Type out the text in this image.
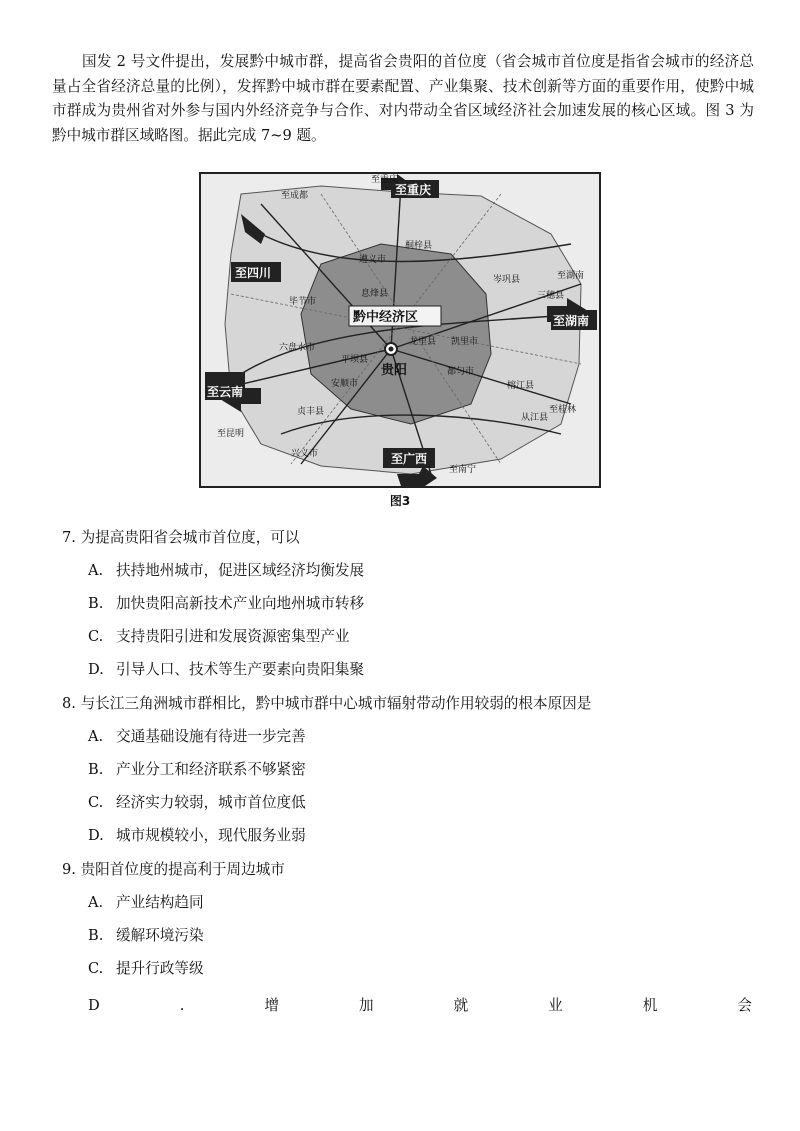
国发 2 号文件提出，发展黔中城市群，提高省会贵阳的首位度（省会城市首位度是指省会城市的经济总量占全省经济总量的比例），发挥黔中城市群在要素配置、产业集聚、技术创新等方面的重要作用，使黔中城市群成为贵州省对外参与国内外经济竞争与合作、对内带动全省区域经济社会加速发展的核心区域。图 3 为黔中城市群区域略图。据此完成 7~9 题。

至成都
至重庆
至重庆
桐梓县
遵义市
至四川
毕节市
息烽县
岑巩县	至湖南
三穗县
至湖南
黔中经济区
六盘水市
龙里县 凯里市
平坝县
贵阳	都匀市
安顺市	榕江县
至云南
贞丰县
从江县
至桂林
至昆明
兴义市	至广西
至南宁
图3

7. 为提高贵阳省会城市首位度，可以

A. 扶持地州城市，促进区域经济均衡发展

B. 加快贵阳高新技术产业向地州城市转移

C. 支持贵阳引进和发展资源密集型产业

D. 引导人口、技术等生产要素向贵阳集聚

8. 与长江三角洲城市群相比，黔中城市群中心城市辐射带动作用较弱的根本原因是

A. 交通基础设施有待进一步完善

B. 产业分工和经济联系不够紧密

C. 经济实力较弱，城市首位度低

D. 城市规模较小，现代服务业弱

9. 贵阳首位度的提高利于周边城市

A. 产业结构趋同

B. 缓解环境污染

C. 提升行政等级

D	.	增	加	就	业	机	会
